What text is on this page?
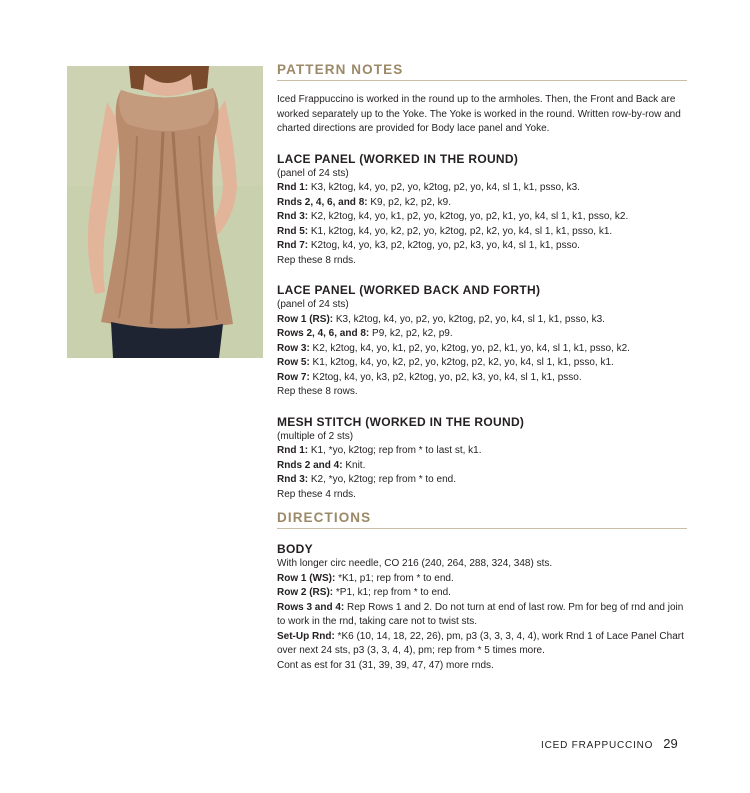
PATTERN NOTES

Iced Frappuccino is worked in the round up to the armholes. Then, the Front and Back are worked separately up to the Yoke. The Yoke is worked in the round. Written row-by-row and charted directions are provided for Body lace panel and Yoke.

LACE PANEL (WORKED IN THE ROUND)

(panel of 24 sts)

Rnd 1: K3, k2tog, k4, yo, p2, yo, k2tog, p2, yo, k4, sl 1, k1, psso, k3.

Rnds 2, 4, 6, and 8: K9, p2, k2, p2, k9.

Rnd 3: K2, k2tog, k4, yo, k1, p2, yo, k2tog, yo, p2, k1, yo, k4, sl 1, k1, psso, k2.

Rnd 5: K1, k2tog, k4, yo, k2, p2, yo, k2tog, p2, k2, yo, k4, sl 1, k1, psso, k1.

Rnd 7: K2tog, k4, yo, k3, p2, k2tog, yo, p2, k3, yo, k4, sl 1, k1, psso.

Rep these 8 rnds.

LACE PANEL (WORKED BACK AND FORTH)

(panel of 24 sts)

Row 1 (RS): K3, k2tog, k4, yo, p2, yo, k2tog, p2, yo, k4, sl 1, k1, psso, k3.

Rows 2, 4, 6, and 8: P9, k2, p2, k2, p9.

Row 3: K2, k2tog, k4, yo, k1, p2, yo, k2tog, yo, p2, k1, yo, k4, sl 1, k1, psso, k2.

Row 5: K1, k2tog, k4, yo, k2, p2, yo, k2tog, p2, k2, yo, k4, sl 1, k1, psso, k1.

Row 7: K2tog, k4, yo, k3, p2, k2tog, yo, p2, k3, yo, k4, sl 1, k1, psso.

Rep these 8 rows.

MESH STITCH (WORKED IN THE ROUND)

(multiple of 2 sts)

Rnd 1: K1, *yo, k2tog; rep from * to last st, k1.

Rnds 2 and 4: Knit.

Rnd 3: K2, *yo, k2tog; rep from * to end.

Rep these 4 rnds.

DIRECTIONS
BODY

With longer circ needle, CO 216 (240, 264, 288, 324, 348) sts.

Row 1 (WS): *K1, p1; rep from * to end.

Row 2 (RS): *P1, k1; rep from * to end.

Rows 3 and 4: Rep Rows 1 and 2. Do not turn at end of last row. Pm for beg of rnd and join to work in the rnd, taking care not to twist sts.

Set-Up Rnd: *K6 (10, 14, 18, 22, 26), pm, p3 (3, 3, 3, 4, 4), work Rnd 1 of Lace Panel Chart over next 24 sts, p3 (3, 3, 4, 4), pm; rep from * 5 times more.

Cont as est for 31 (31, 39, 39, 47, 47) more rnds.

ICED FRAPPUCCINO 29
